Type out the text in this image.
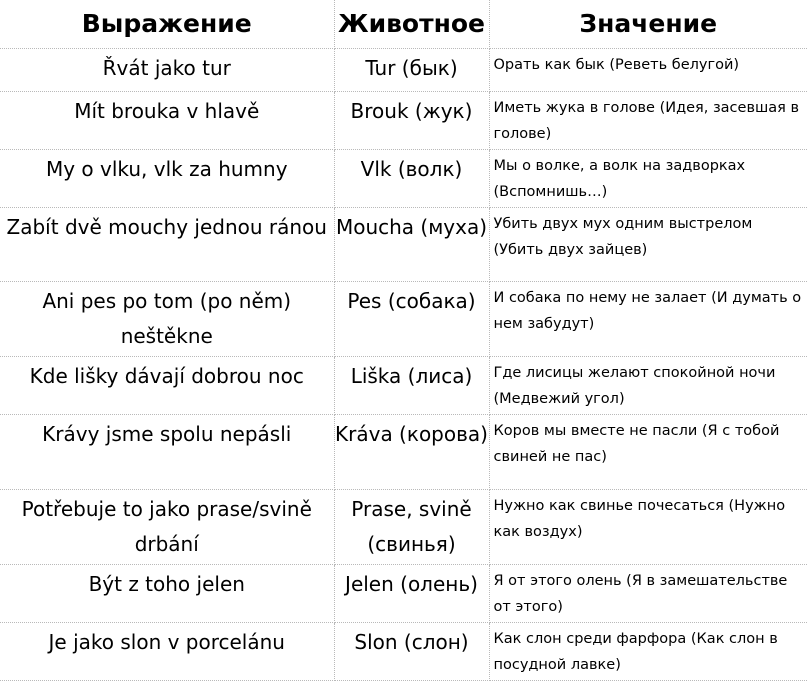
Выражение	Животное	Значение
Řvát jako tur	Tur (бык)	Орать как бык (Реветь белугой)
Mít brouka v hlavě	Brouk (жук)	Иметь жука в голове (Идея, засевшая в голове)
My o vlku, vlk za humny	Vlk (волк)	Мы о волке, а волк на задворках (Вспомнишь…)
Zabít dvě mouchy jednou ránou	Moucha (муха)	Убить двух мух одним выстрелом (Убить двух зайцев)
Ani pes po tom (po něm) neštěkne	Pes (собака)	И собака по нему не залает (И думать о нем забудут)
Kde lišky dávají dobrou noc	Liška (лиса)	Где лисицы желают спокойной ночи (Медвежий угол)
Krávy jsme spolu nepásli	Kráva (корова)	Коров мы вместе не пасли (Я с тобой свиней не пас)
Potřebuje to jako prase/svině drbání	Prase, svině (свинья)	Нужно как свинье почесаться (Нужно как воздух)
Být z toho jelen	Jelen (олень)	Я от этого олень (Я в замешательстве от этого)
Je jako slon v porcelánu	Slon (слон)	Как слон среди фарфора (Как слон в посудной лавке)
